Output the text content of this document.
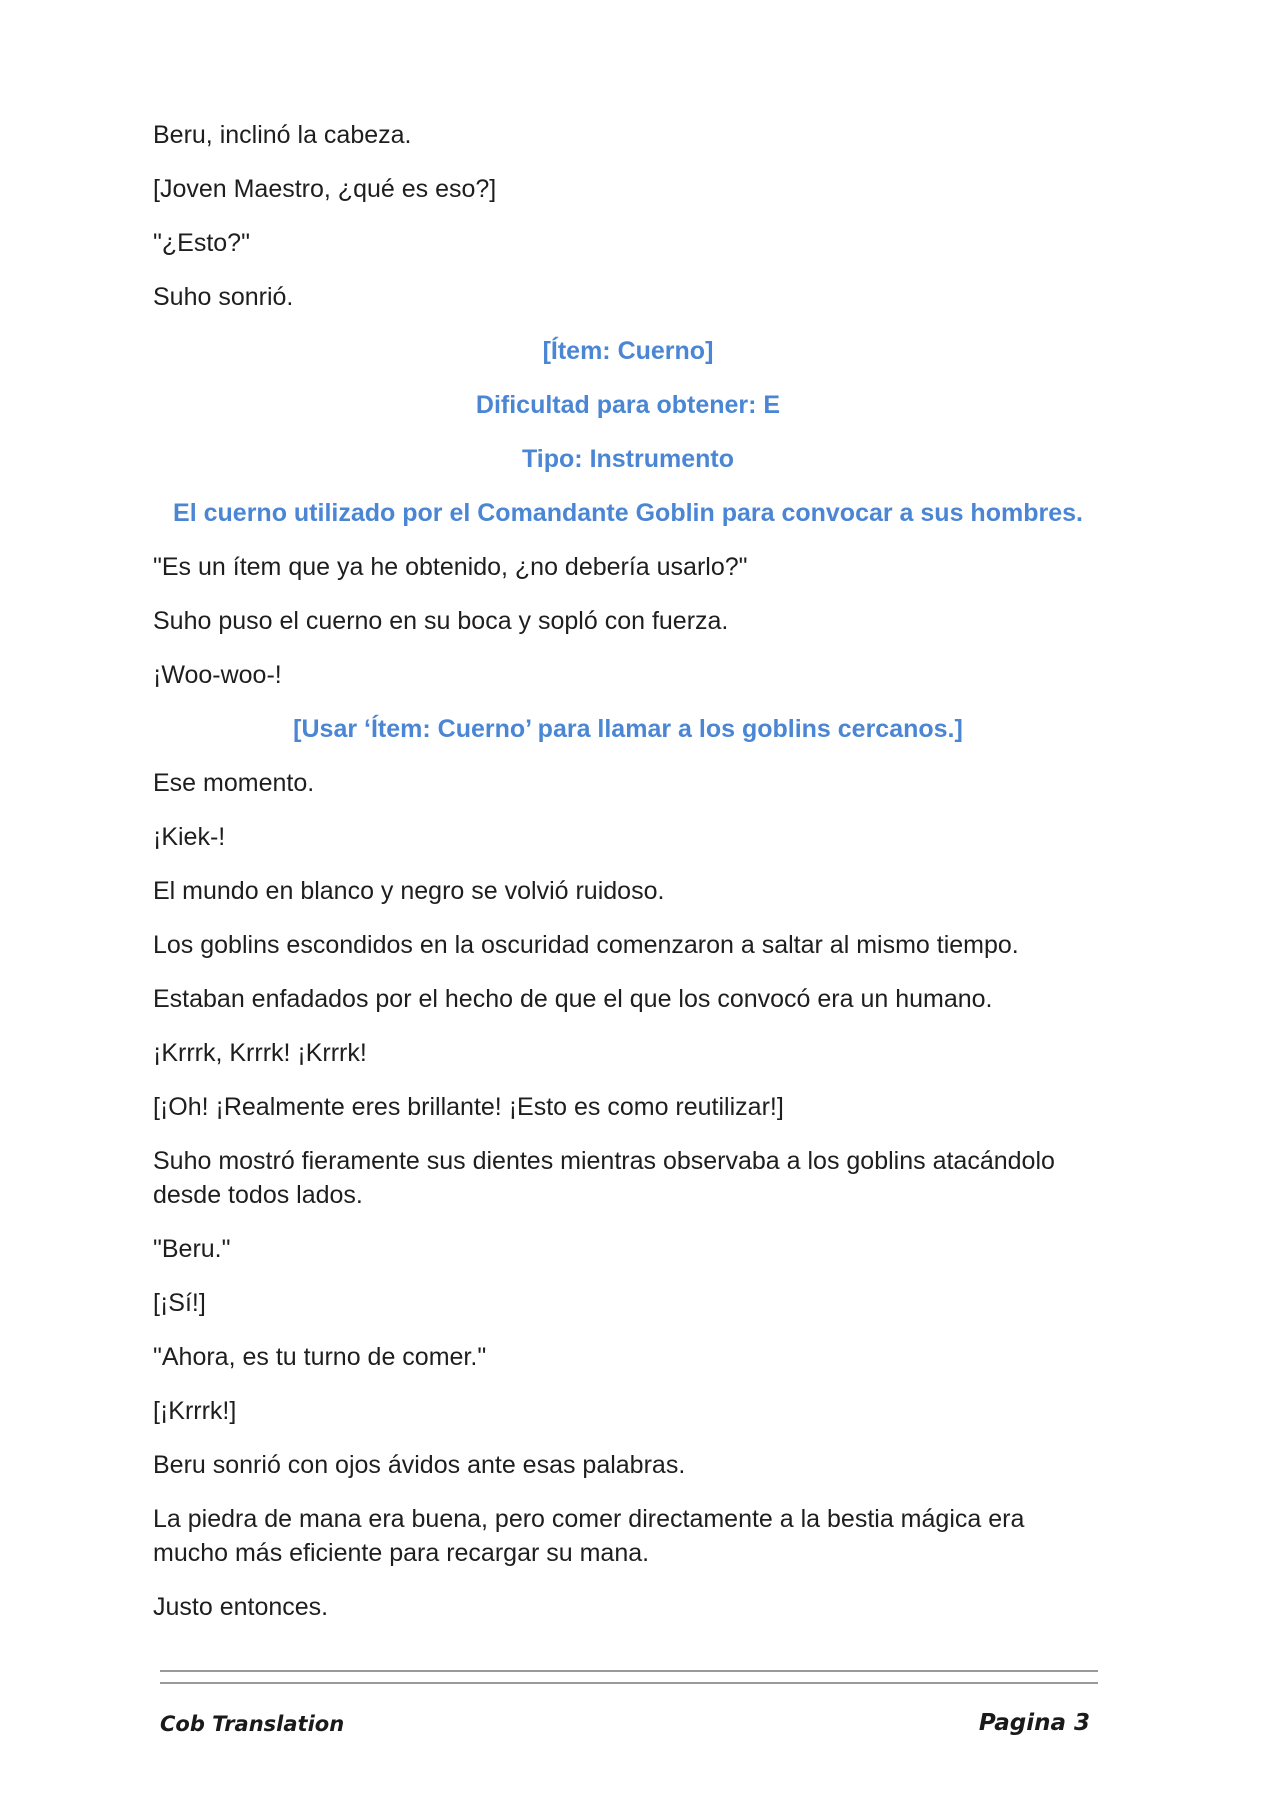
Beru, inclinó la cabeza.

[Joven Maestro, ¿qué es eso?]

"¿Esto?"

Suho sonrió.

[Ítem: Cuerno]

Dificultad para obtener: E

Tipo: Instrumento

El cuerno utilizado por el Comandante Goblin para convocar a sus hombres.

"Es un ítem que ya he obtenido, ¿no debería usarlo?"

Suho puso el cuerno en su boca y sopló con fuerza.

¡Woo-woo-!

[Usar ‘Ítem: Cuerno’ para llamar a los goblins cercanos.]

Ese momento.

¡Kiek-!

El mundo en blanco y negro se volvió ruidoso.

Los goblins escondidos en la oscuridad comenzaron a saltar al mismo tiempo.

Estaban enfadados por el hecho de que el que los convocó era un humano.

¡Krrrk, Krrrk! ¡Krrrk!

[¡Oh! ¡Realmente eres brillante! ¡Esto es como reutilizar!]

Suho mostró fieramente sus dientes mientras observaba a los goblins atacándolo desde todos lados.

"Beru."

[¡Sí!]

"Ahora, es tu turno de comer."

[¡Krrrk!]

Beru sonrió con ojos ávidos ante esas palabras.

La piedra de mana era buena, pero comer directamente a la bestia mágica era mucho más eficiente para recargar su mana.

Justo entonces.

Cob Translation	Pagina 3
